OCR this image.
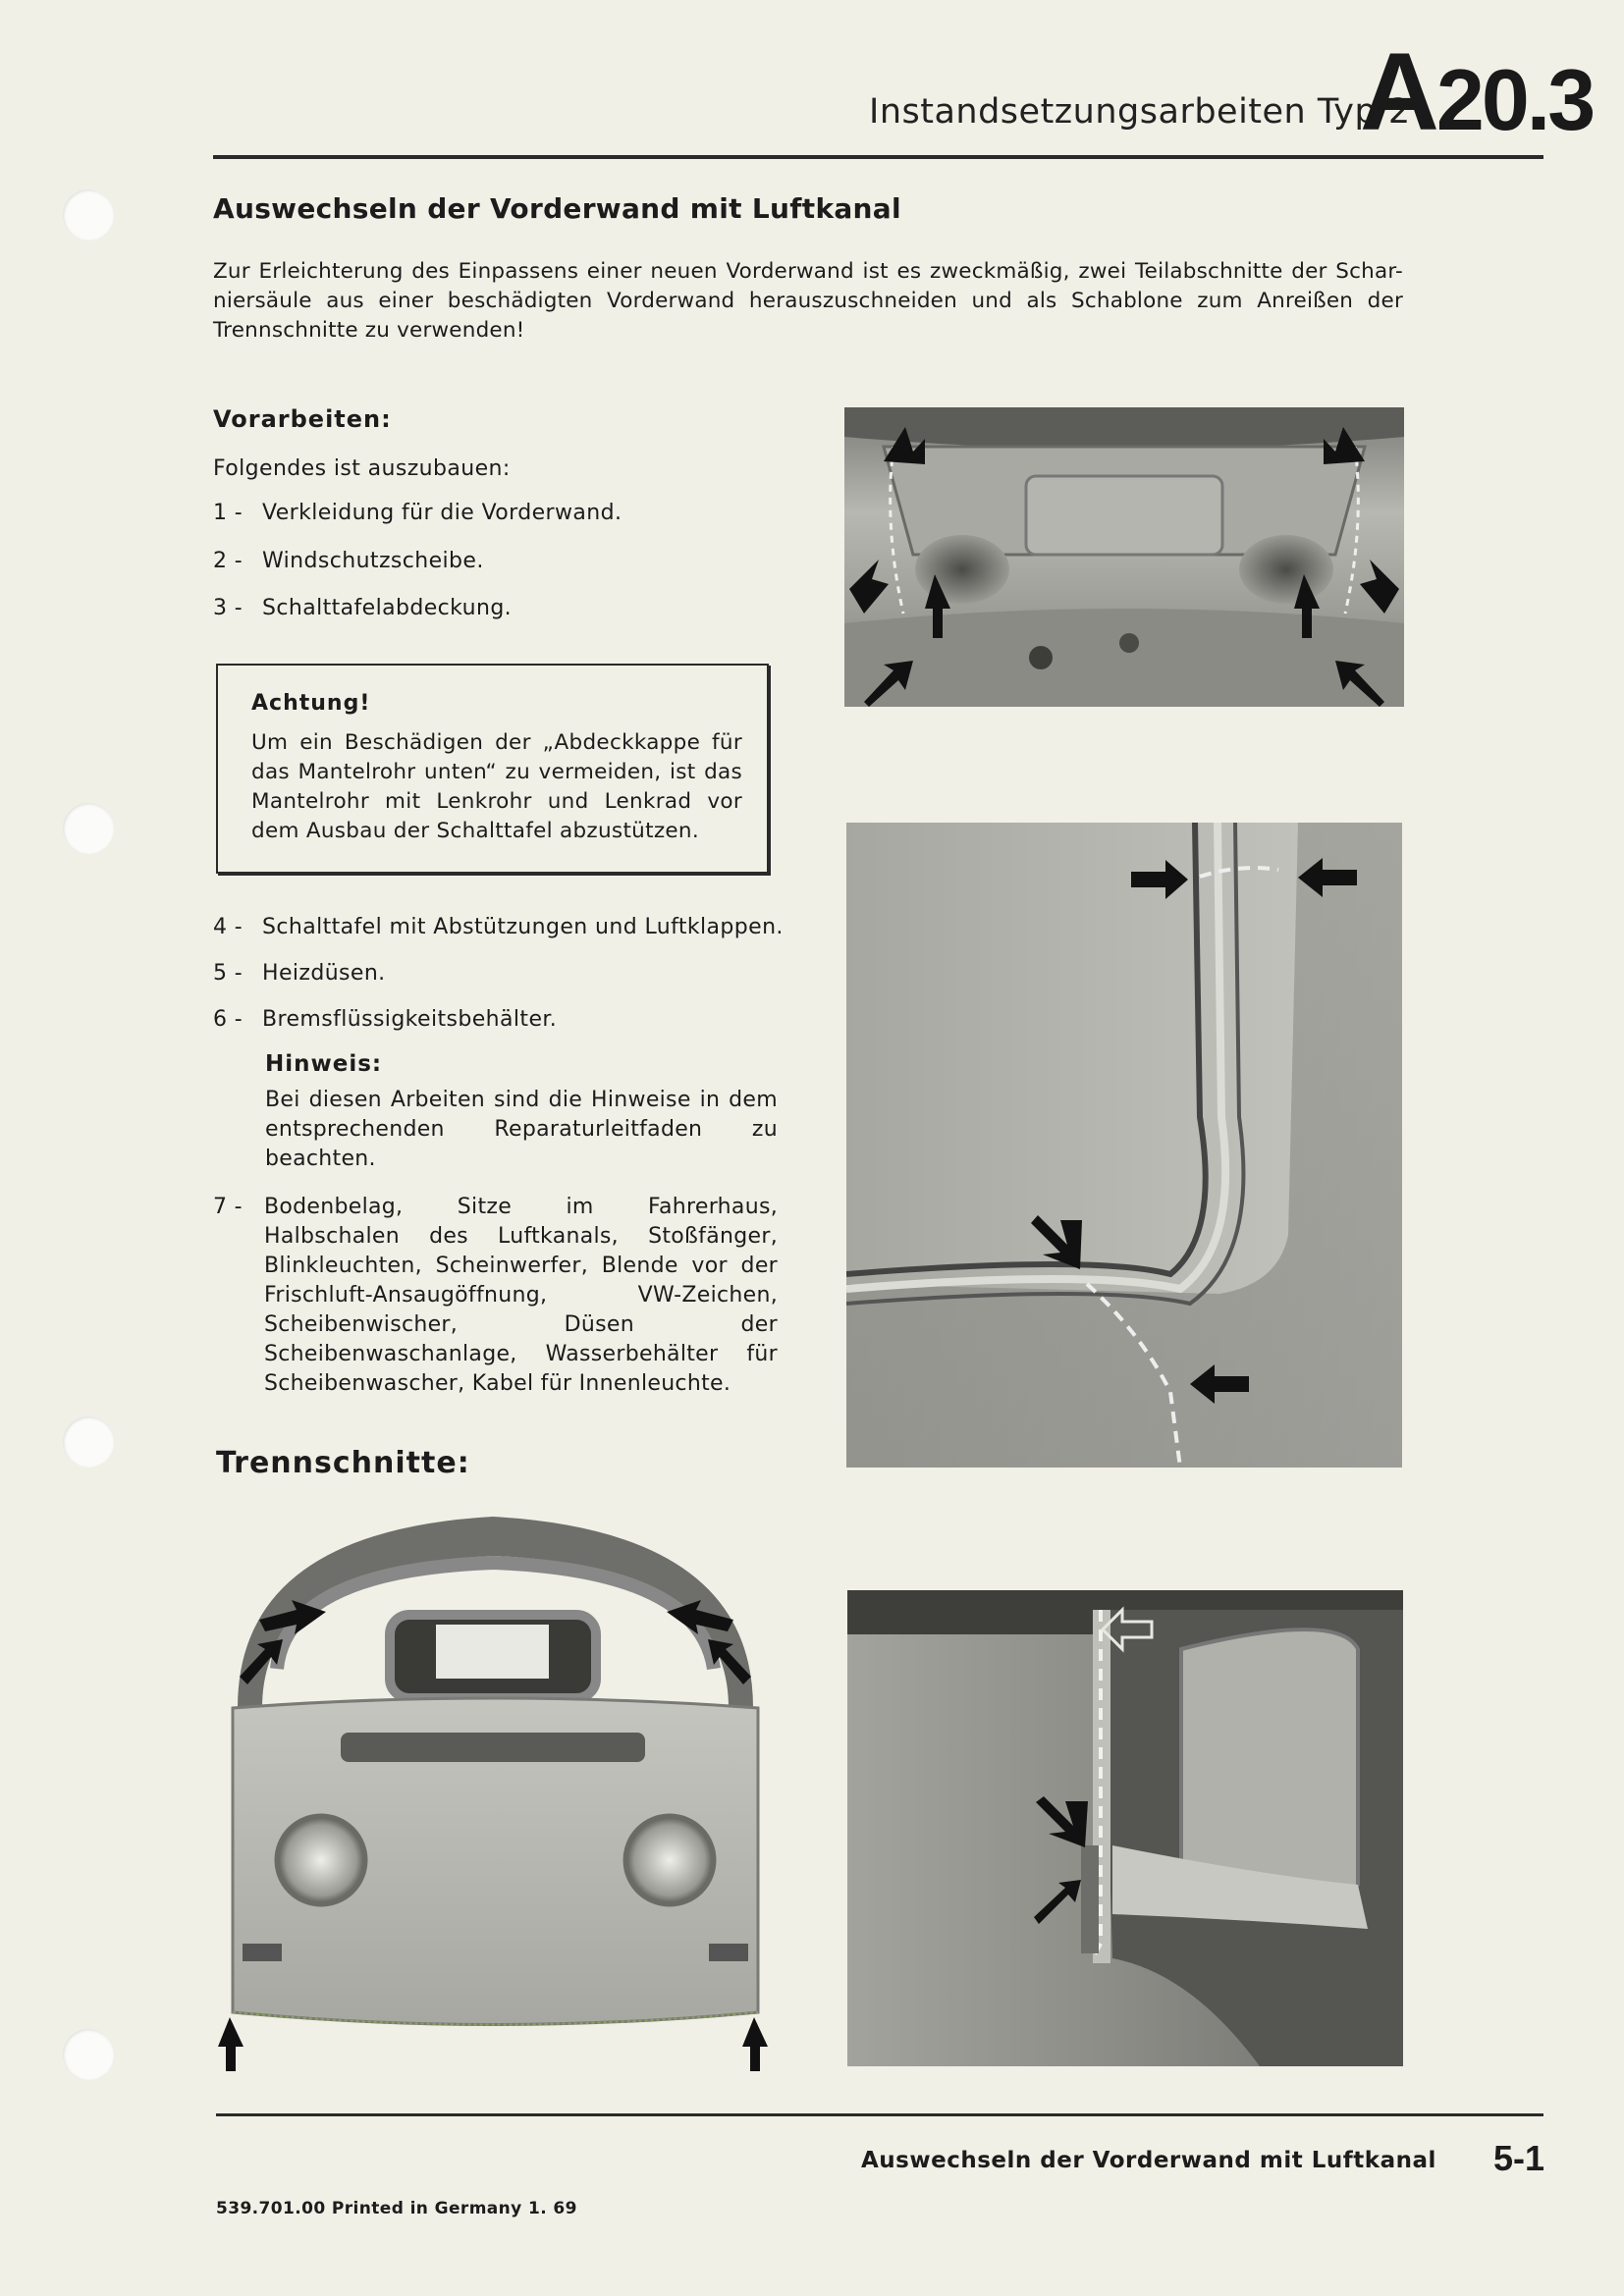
Instandsetzungsarbeiten Typ 2
A20.3
Auswechseln der Vorderwand mit Luftkanal
Zur Erleichterung des Einpassens einer neuen Vorderwand ist es zweckmäßig, zwei Teilabschnitte der Schar-niersäule aus einer beschädigten Vorderwand herauszuschneiden und als Schablone zum Anreißen der Trennschnitte zu verwenden!
Vorarbeiten:
Folgendes ist auszubauen:
1 - Verkleidung für die Vorderwand.
2 - Windschutzscheibe.
3 - Schalttafelabdeckung.
Achtung!
Um ein Beschädigen der „Abdeckkappe für das Mantelrohr unten“ zu vermeiden, ist das Mantelrohr mit Lenkrohr und Lenkrad vor dem Ausbau der Schalttafel abzustützen.
4 - Schalttafel mit Abstützungen und Luftklappen.
5 - Heizdüsen.
6 - Bremsflüssigkeitsbehälter.
Hinweis:
Bei diesen Arbeiten sind die Hinweise in dem entsprechenden Reparaturleitfaden zu beachten.
7 -	Bodenbelag, Sitze im Fahrerhaus, Halbschalen des Luftkanals, Stoßfänger, Blinkleuchten, Scheinwerfer, Blende vor der Frischluft-Ansaugöffnung, VW-Zeichen, Scheibenwischer, Düsen der Scheibenwaschanlage, Wasserbehälter für Scheibenwascher, Kabel für Innenleuchte.
Trennschnitte:
Auswechseln der Vorderwand mit Luftkanal 5-1
539.701.00 Printed in Germany 1. 69
